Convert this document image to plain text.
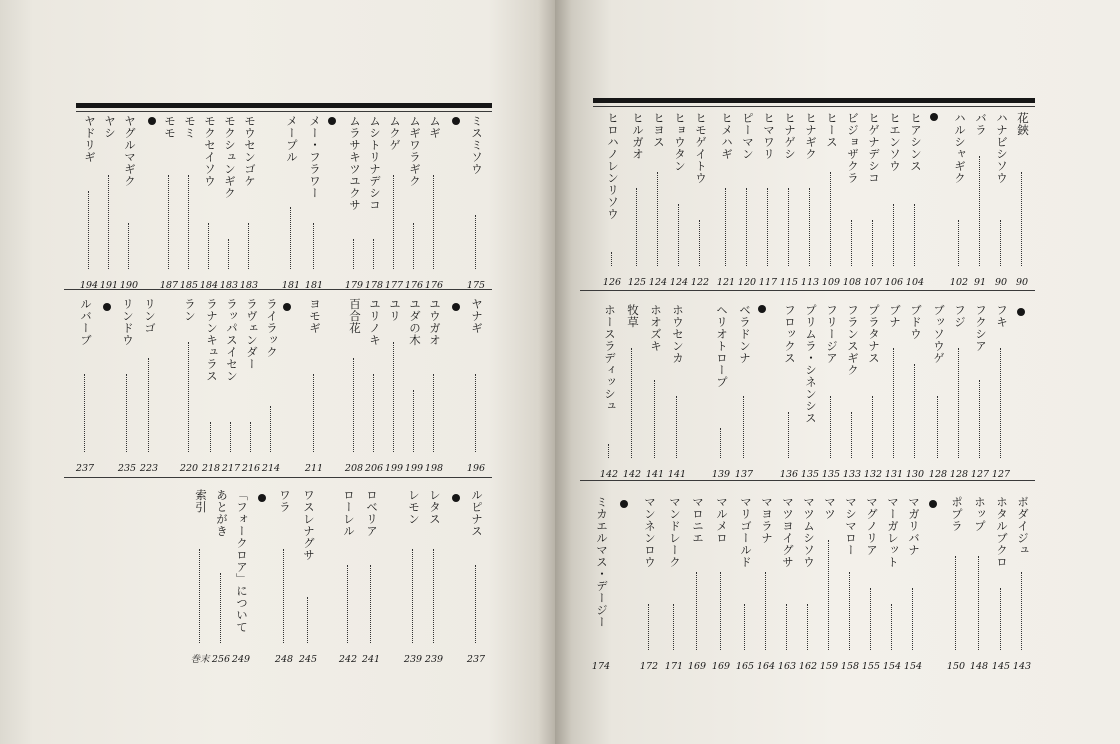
ミスミソウ
175
ムギ
176
ムギワラギク
176
ムクゲ
177
ムシトリナデシコ
178
ムラサキツユクサ
179
メー・フラワー
181
メープル
181
モウセンゴケ
183
モクシュンギク
183
モクセイソウ
184
モミ
185
モモ
187
ヤグルマギク
190
ヤシ
191
ヤドリギ
194
ヤナギ
196
ユウガオ
198
ユダの木
199
ユリ
199
ユリノキ
206
百合花
208
ヨモギ
211
ライラック
214
ラヴェンダー
216
ラッパスイセン
217
ラナンキュラス
218
ラン
220
リンゴ
223
リンドウ
235
ルバーブ
237
ルピナス
237
レタス
239
レモン
239
ロベリア
241
ローレル
242
ワスレナグサ
245
ワラ
248
「フォークロア」について
249
あとがき
256
索引
巻末
花鋏
90
ハナビシソウ
90
バラ
91
ハルシャギク
102
ヒアシンス
104
ヒエンソウ
106
ヒゲナデシコ
107
ビジョザクラ
108
ヒース
109
ヒナギク
113
ヒナゲシ
115
ヒマワリ
117
ピーマン
120
ヒメハギ
121
ヒモゲイトウ
122
ヒョウタン
124
ヒヨス
124
ヒルガオ
125
ヒロハノレンリソウ
126
フキ
127
フクシア
127
フジ
128
ブッソウゲ
128
ブドウ
130
ブナ
131
プラタナス
132
フランスギク
133
フリージア
135
プリムラ・シネンシス
135
フロックス
136
ベラドンナ
137
ヘリオトロープ
139
ホウセンカ
141
ホオズキ
141
牧草
142
ホースラディッシュ
142
ボダイジュ
143
ホタルブクロ
145
ホップ
148
ポプラ
150
マガリバナ
154
マーガレット
154
マグノリア
155
マシマロー
158
マツ
159
マツムシソウ
162
マツヨイグサ
163
マヨラナ
164
マリゴールド
165
マルメロ
169
マロニエ
169
マンドレーク
171
マンネンロウ
172
ミカエルマス・デージー
174
